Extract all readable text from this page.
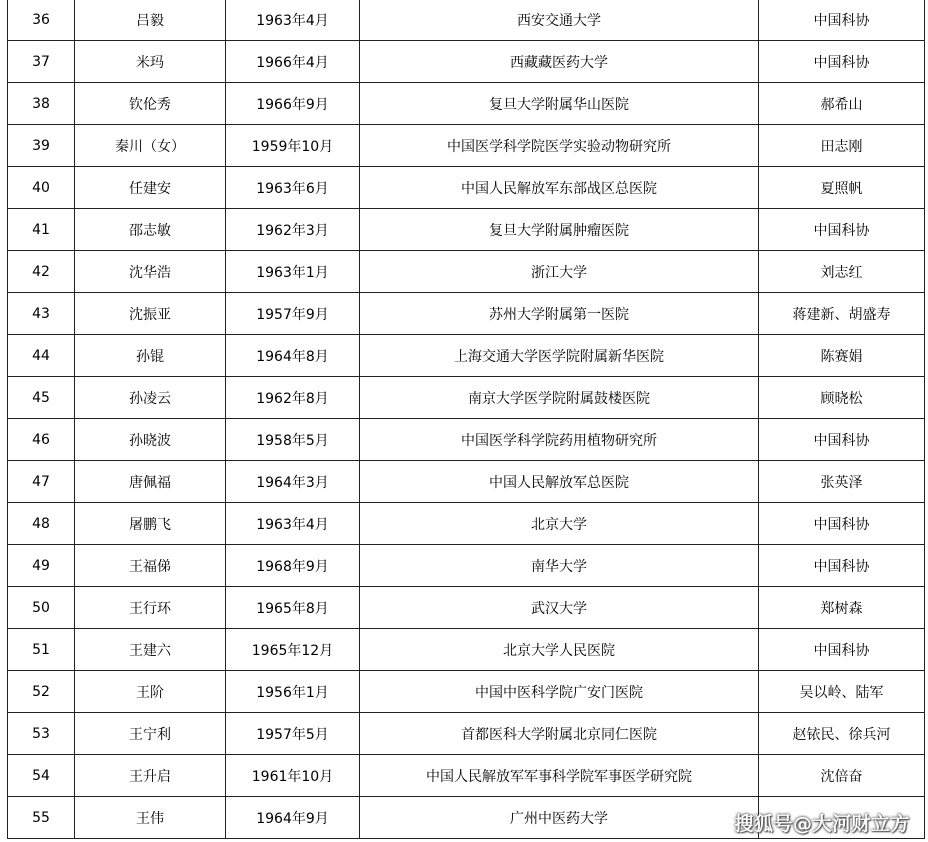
36	吕毅	1963年4月	西安交通大学	中国科协
37	米玛	1966年4月	西藏藏医药大学	中国科协
38	钦伦秀	1966年9月	复旦大学附属华山医院	郝希山
39	秦川（女）	1959年10月	中国医学科学院医学实验动物研究所	田志刚
40	任建安	1963年6月	中国人民解放军东部战区总医院	夏照帆
41	邵志敏	1962年3月	复旦大学附属肿瘤医院	中国科协
42	沈华浩	1963年1月	浙江大学	刘志红
43	沈振亚	1957年9月	苏州大学附属第一医院	蒋建新、胡盛寿
44	孙锟	1964年8月	上海交通大学医学院附属新华医院	陈赛娟
45	孙凌云	1962年8月	南京大学医学院附属鼓楼医院	顾晓松
46	孙晓波	1958年5月	中国医学科学院药用植物研究所	中国科协
47	唐佩福	1964年3月	中国人民解放军总医院	张英泽
48	屠鹏飞	1963年4月	北京大学	中国科协
49	王福俤	1968年9月	南华大学	中国科协
50	王行环	1965年8月	武汉大学	郑树森
51	王建六	1965年12月	北京大学人民医院	中国科协
52	王阶	1956年1月	中国中医科学院广安门医院	吴以岭、陆军
53	王宁利	1957年5月	首都医科大学附属北京同仁医院	赵铱民、徐兵河
54	王升启	1961年10月	中国人民解放军军事科学院军事医学研究院	沈倍奋
55	王伟	1964年9月	广州中医药大学		搜狐号@大河财立方
